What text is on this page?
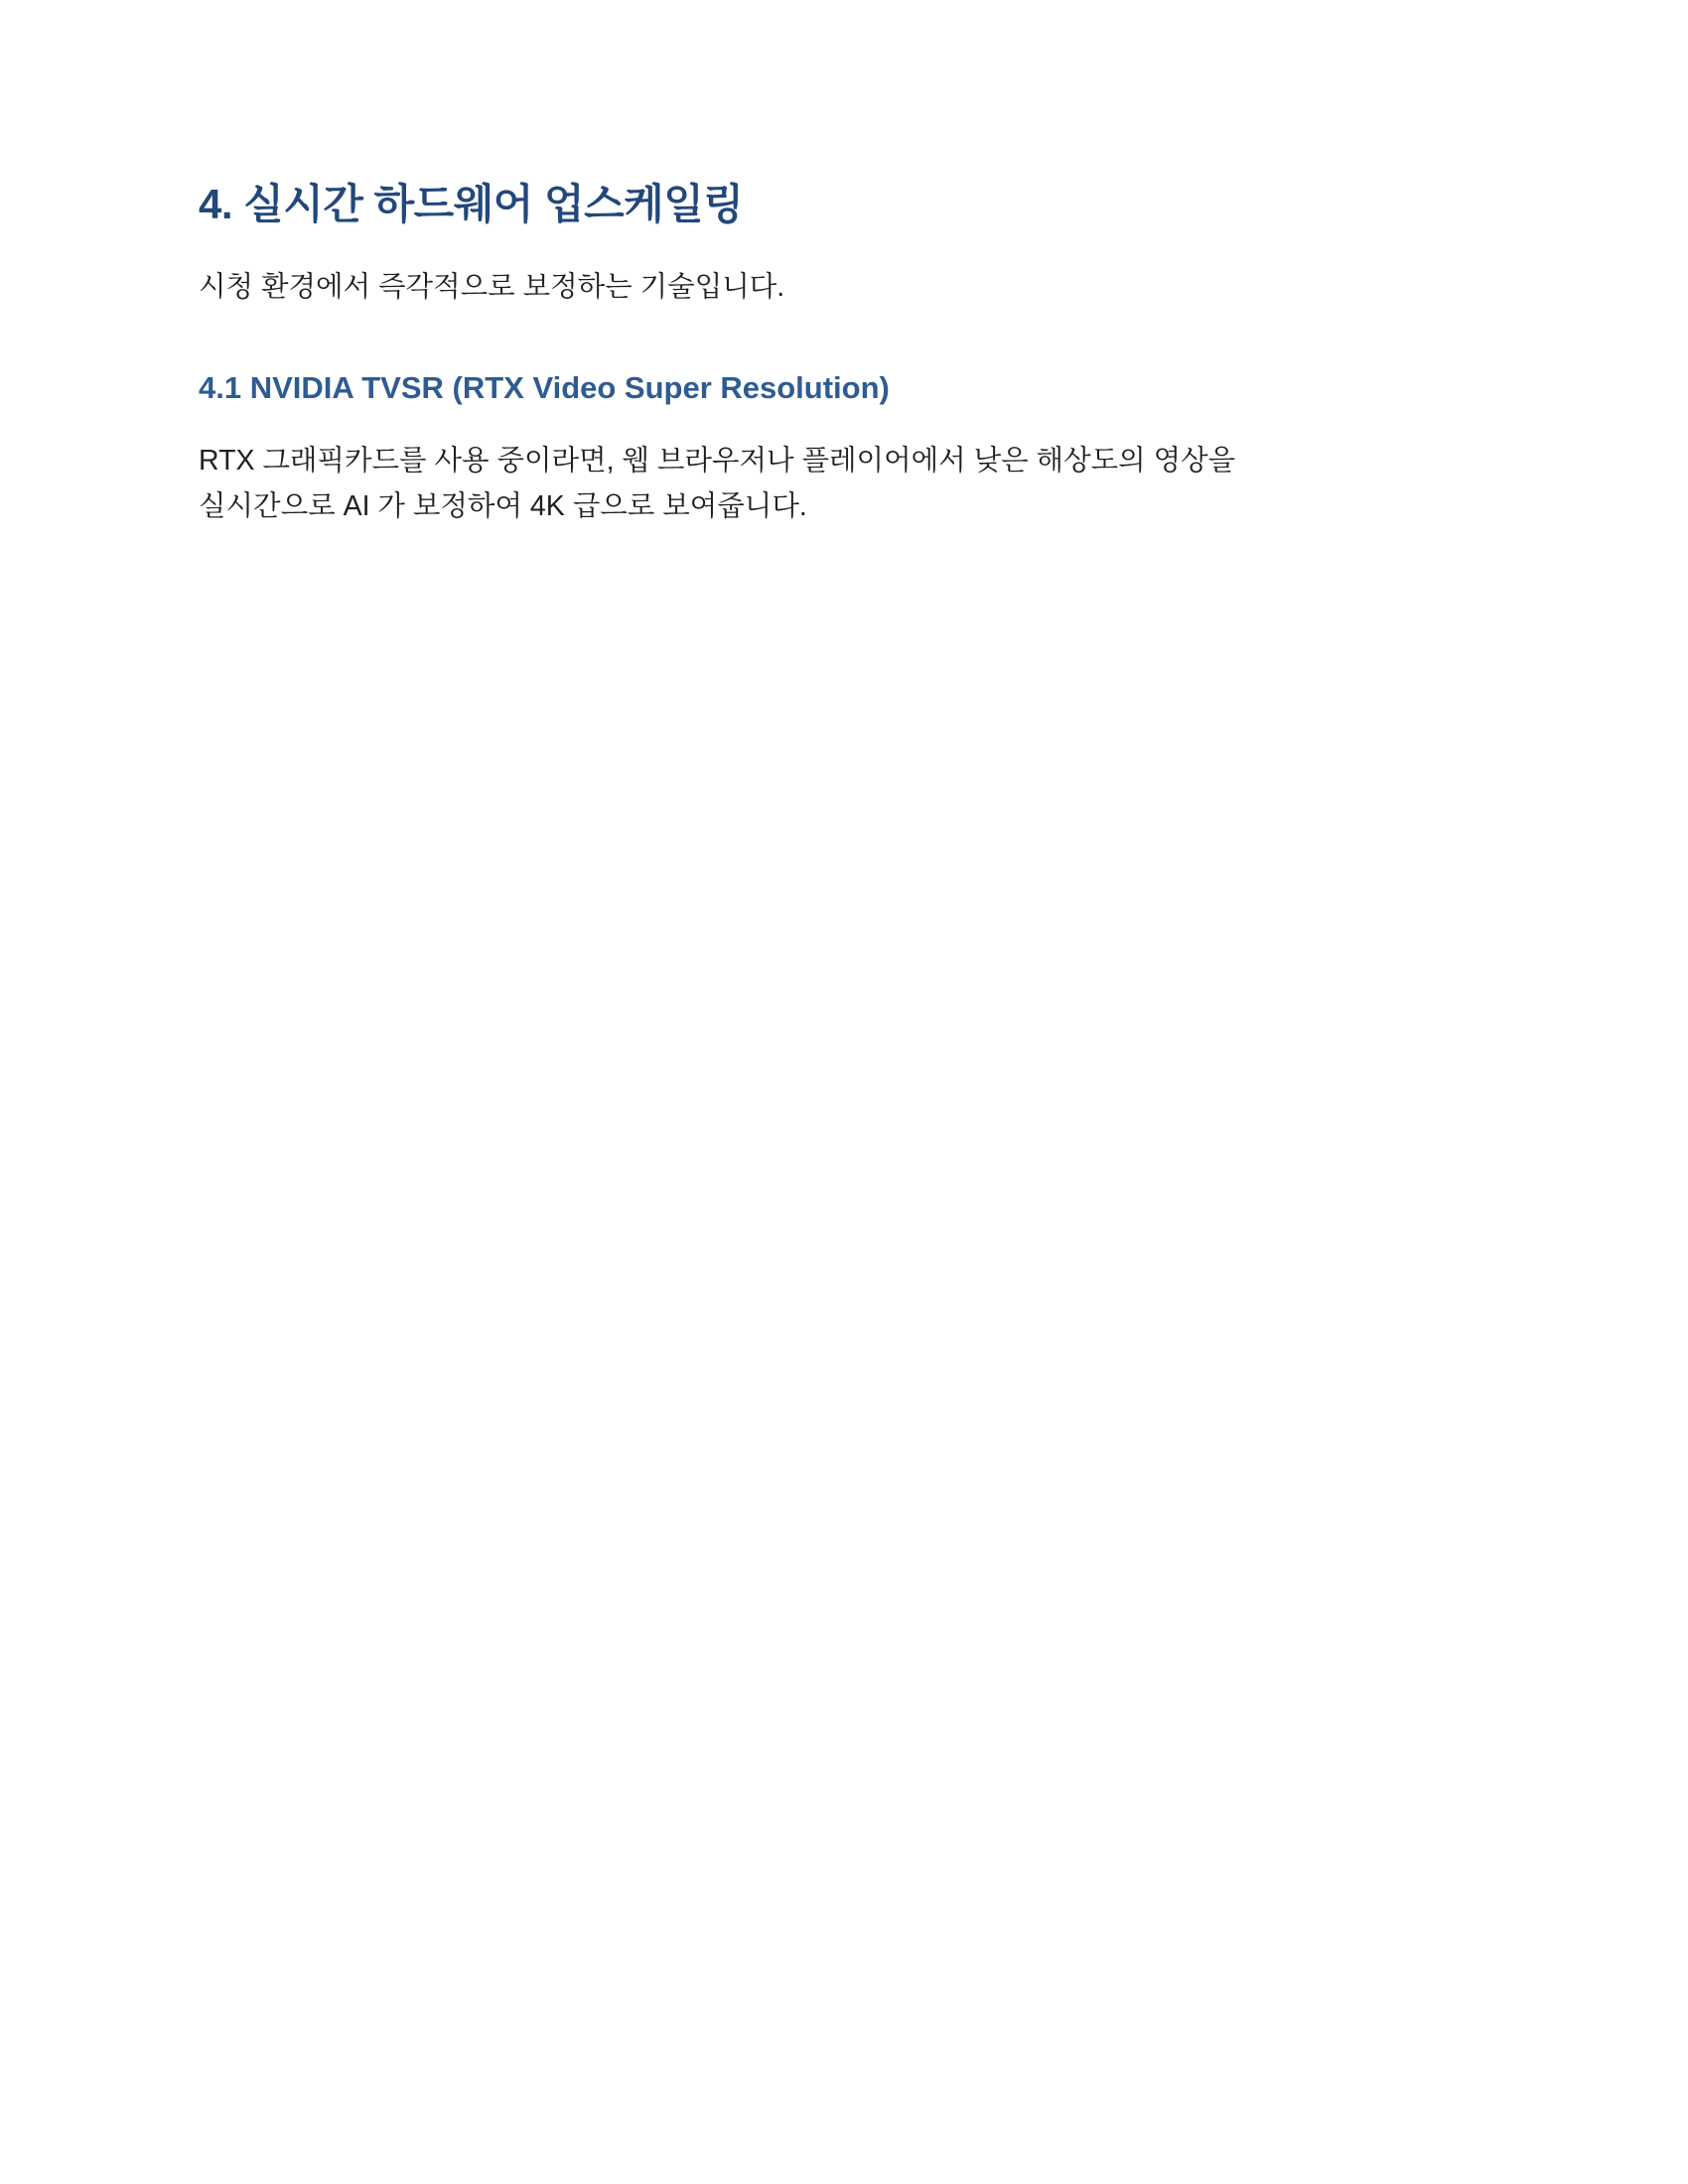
4. 실시간 하드웨어 업스케일링

시청 환경에서 즉각적으로 보정하는 기술입니다.

4.1 NVIDIA TVSR (RTX Video Super Resolution)

RTX 그래픽카드를 사용 중이라면, 웹 브라우저나 플레이어에서 낮은 해상도의 영상을
실시간으로 AI 가 보정하여 4K 급으로 보여줍니다.
